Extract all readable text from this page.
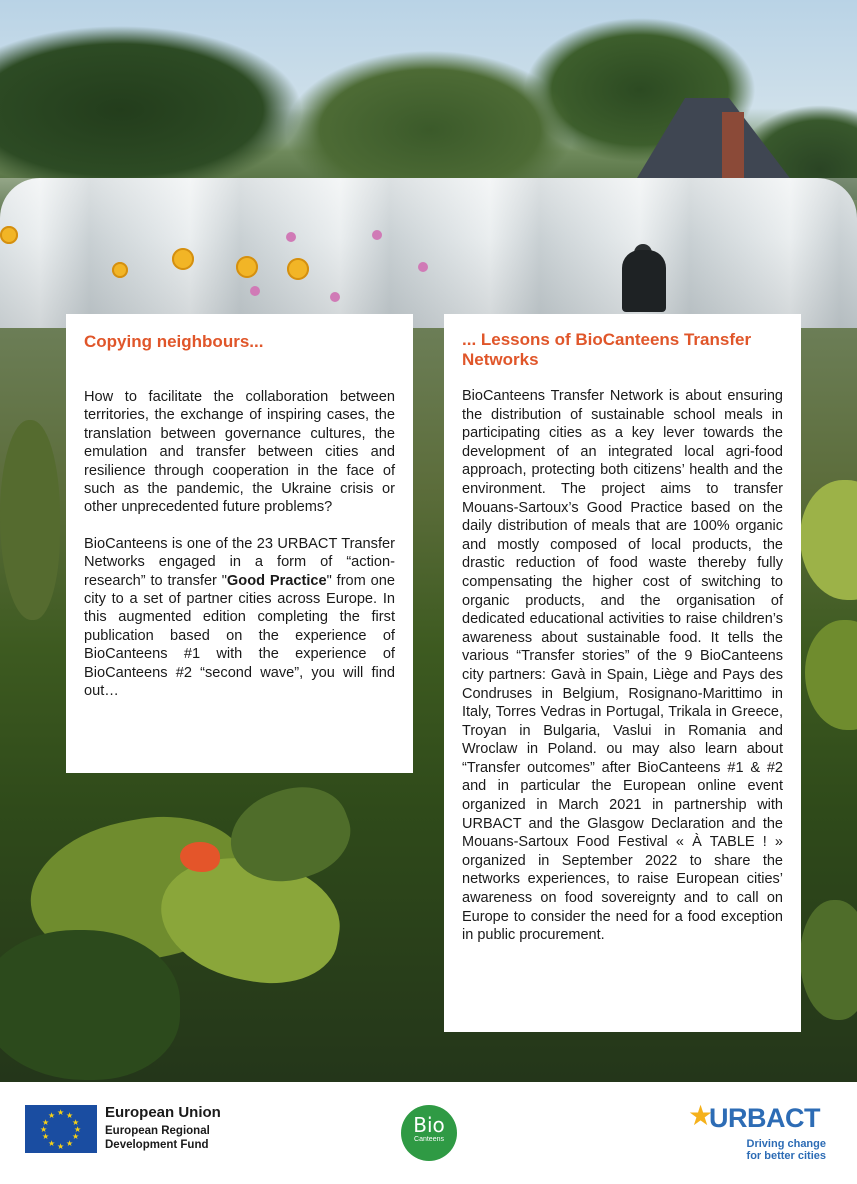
Copying neighbours...

How to facilitate the collaboration between territories, the exchange of inspiring cases, the translation between governance cultures, the emulation and transfer between cities and resilience through cooperation in the face of such as the pandemic, the Ukraine crisis or other unprecedented future problems?

BioCanteens is one of the 23 URBACT Transfer Networks engaged in a form of “action-research” to transfer "Good Practice" from one city to a set of partner cities across Europe. In this augmented edition completing the first publication based on the experience of BioCanteens #1 with the experience of BioCanteens #2 “second wave”, you will find out…

... Lessons of BioCanteens Transfer Networks

BioCanteens Transfer Network is about ensuring the distribution of sustainable school meals in participating cities as a key lever towards the development of an integrated local agri-food approach, protecting both citizens’ health and the environment. The project aims to transfer Mouans-Sartoux’s Good Practice based on the daily distribution of meals that are 100% organic and mostly composed of local products, the drastic reduction of food waste thereby fully compensating the higher cost of switching to organic products, and the organisation of dedicated educational activities to raise children’s awareness about sustainable food. It tells the various “Transfer stories” of the 9 BioCanteens city partners: Gavà in Spain, Liège and Pays des Condruses in Belgium, Rosignano-Marittimo in Italy, Torres Vedras in Portugal, Trikala in Greece, Troyan in Bulgaria, Vaslui in Romania and Wroclaw in Poland. ou may also learn about “Transfer outcomes” after BioCanteens #1 & #2 and in particular the European online event organized in March 2021 in partnership with URBACT and the Glasgow Declaration and the Mouans-Sartoux Food Festival « À TABLE ! » organized in September 2022 to share the networks experiences, to raise European cities’ awareness on food sovereignty and to call on Europe to consider the need for a food exception in public procurement.

★ ★
★
★
★
★
★
★
★
★
★
★	European Union
European Regional Development Fund
Bio
Canteens
★
URBACT
Driving change for better cities
